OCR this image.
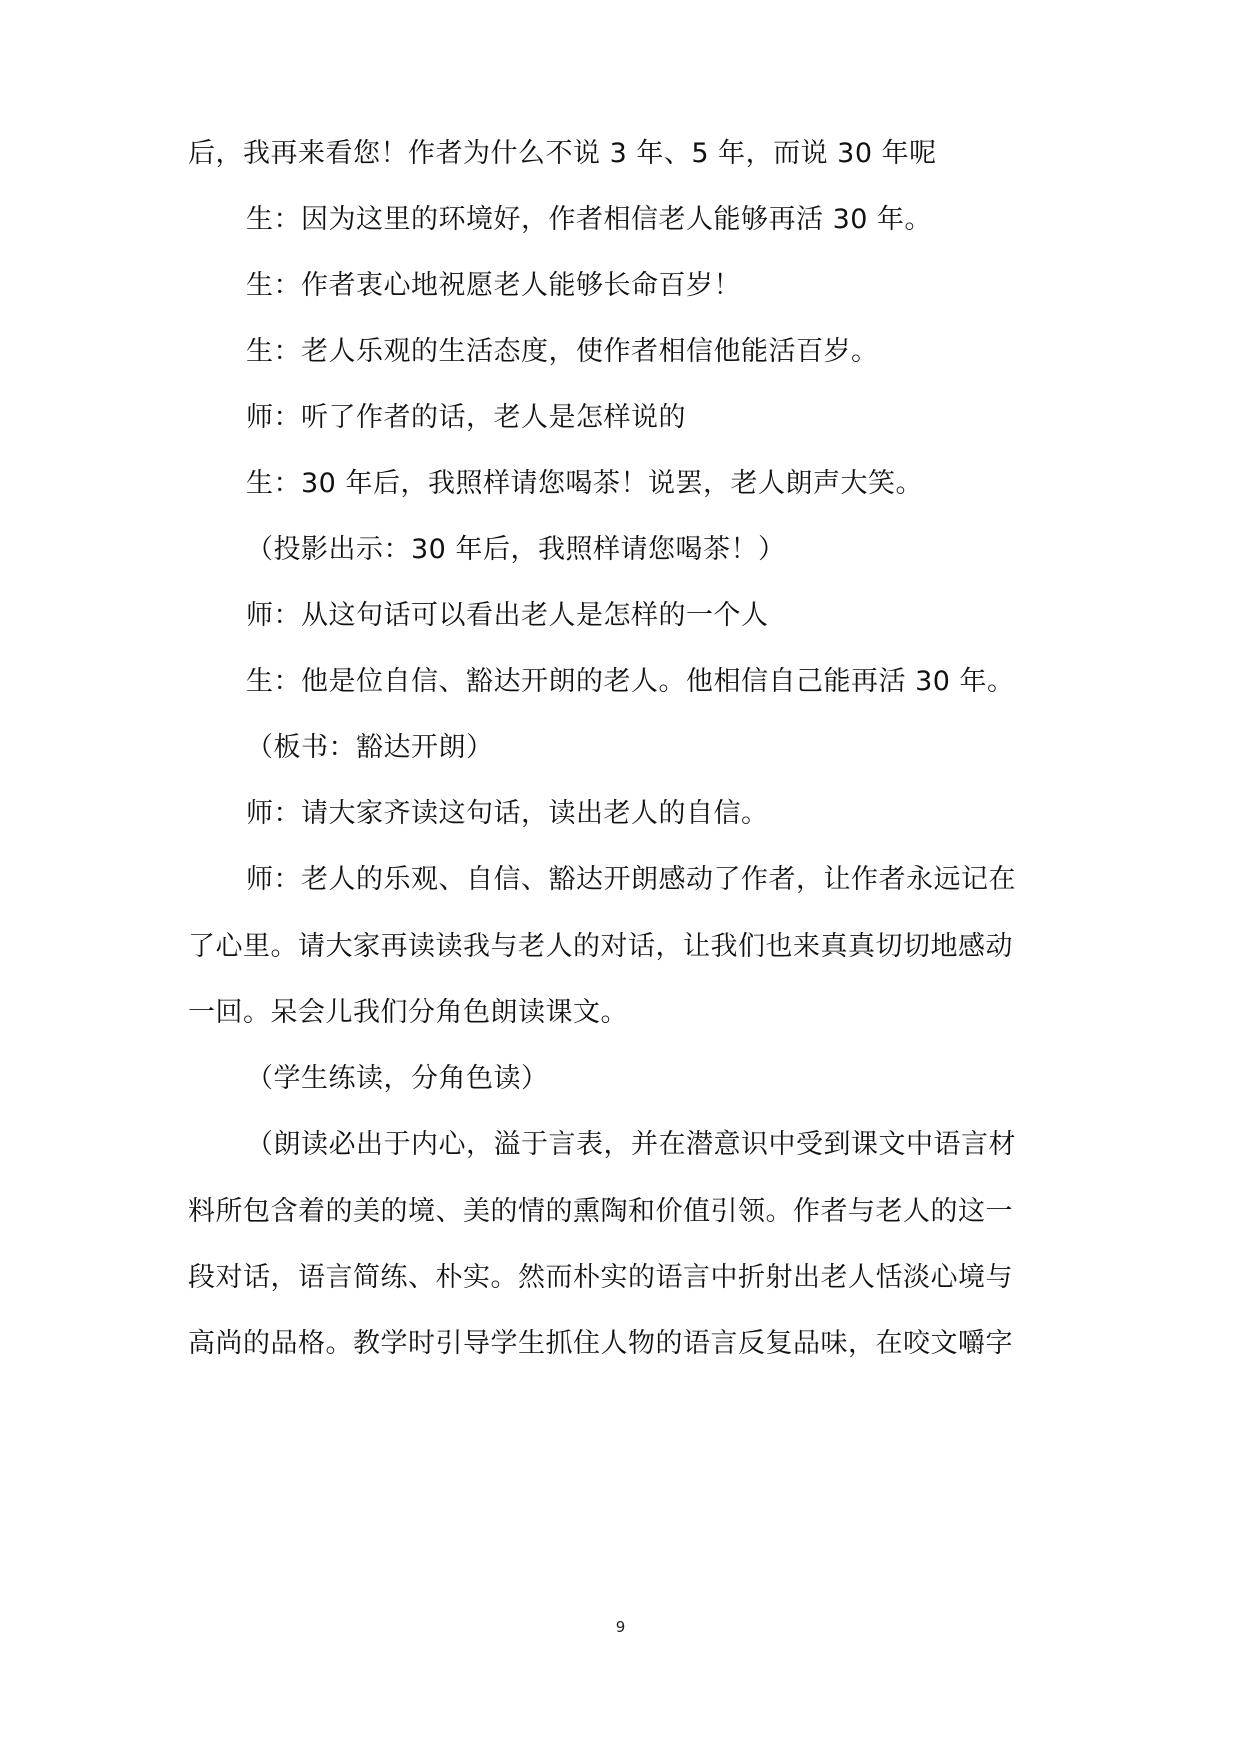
后，我再来看您！作者为什么不说 3 年、5 年，而说 30 年呢
生：因为这里的环境好，作者相信老人能够再活 30 年。
生：作者衷心地祝愿老人能够长命百岁！
生：老人乐观的生活态度，使作者相信他能活百岁。
师：听了作者的话，老人是怎样说的
生：30 年后，我照样请您喝茶！说罢，老人朗声大笑。
（投影出示：30 年后，我照样请您喝茶！）
师：从这句话可以看出老人是怎样的一个人
生：他是位自信、豁达开朗的老人。他相信自己能再活 30 年。
（板书：豁达开朗）
师：请大家齐读这句话，读出老人的自信。
师：老人的乐观、自信、豁达开朗感动了作者，让作者永远记在
了心里。请大家再读读我与老人的对话，让我们也来真真切切地感动
一回。呆会儿我们分角色朗读课文。
（学生练读，分角色读）
（朗读必出于内心，溢于言表，并在潜意识中受到课文中语言材
料所包含着的美的境、美的情的熏陶和价值引领。作者与老人的这一
段对话，语言简练、朴实。然而朴实的语言中折射出老人恬淡心境与
高尚的品格。教学时引导学生抓住人物的语言反复品味，在咬文嚼字
9
